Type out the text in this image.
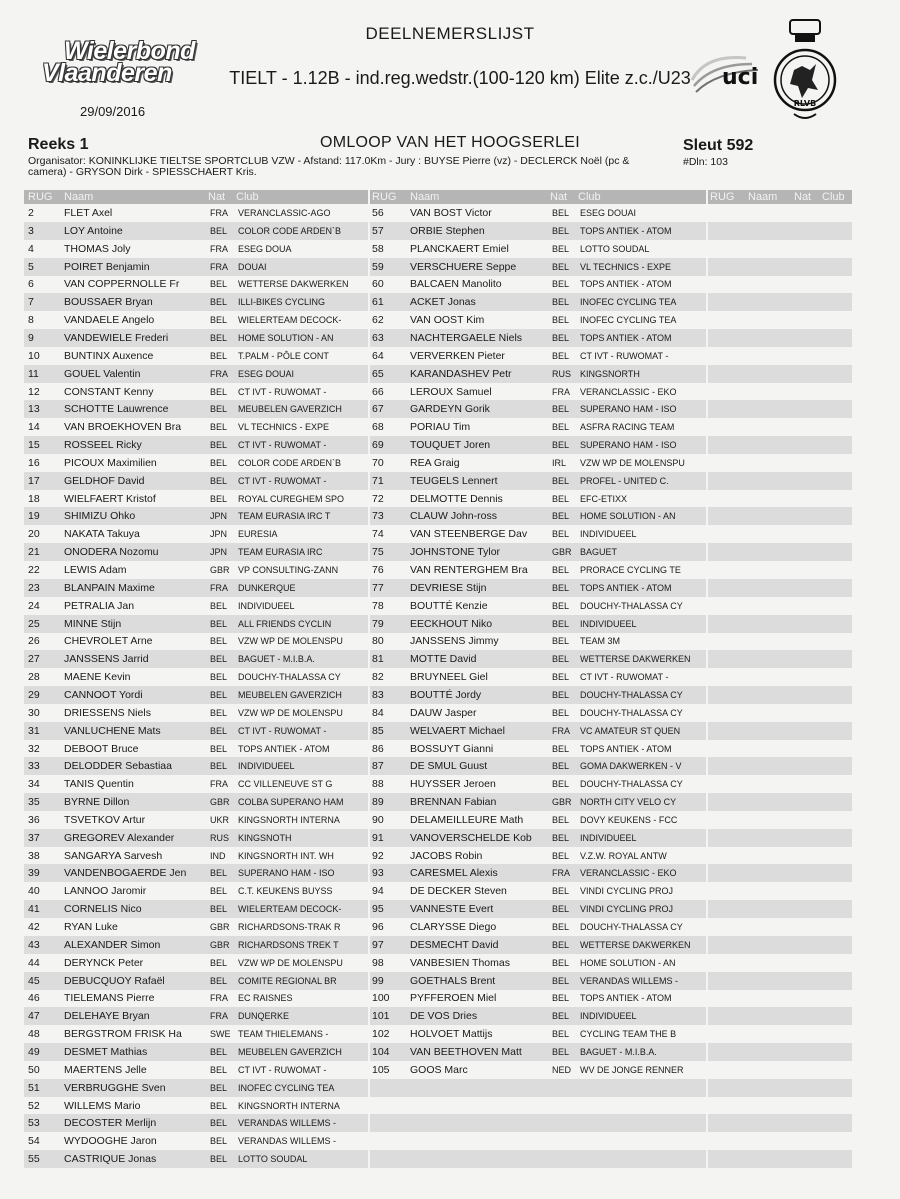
Wielerbond
Vlaanderen
29/09/2016
DEELNEMERSLIJST
TIELT - 1.12B - ind.reg.wedstr.(100-120 km) Elite z.c./U23	uci
RLVB
Reeks 1	OMLOOP VAN HET HOOGSERLEI	Sleut 592
Organisator: KONINKLIJKE TIELTSE SPORTCLUB VZW - Afstand: 117.0Km - Jury : BUYSE Pierre (vz) - DECLERCK Noël (pc & camera) - GRYSON Dirk - SPIESSCHAERT Kris.
#Dln: 103
RUG Naam	Nat Club	RUG Naam	Nat Club	RUG Naam Nat Club
2	FLET Axel	FRA VERANCLASSIC-AGO
3	LOY Antoine	BEL COLOR CODE ARDEN`B
4	THOMAS Joly	FRA ESEG DOUA
5	POIRET Benjamin	FRA DOUAI
6	VAN COPPERNOLLE Fr	BEL WETTERSE DAKWERKEN
7	BOUSSAER Bryan	BEL ILLI-BIKES CYCLING
8	VANDAELE Angelo	BEL WIELERTEAM DECOCK-
9	VANDEWIELE Frederi	BEL HOME SOLUTION - AN
10 BUNTINX Auxence	BEL T.PALM - PÔLE CONT
11 GOUEL Valentin	FRA ESEG DOUAI
12 CONSTANT Kenny	BEL CT IVT - RUWOMAT -
13 SCHOTTE Lauwrence	BEL MEUBELEN GAVERZICH
14 VAN BROEKHOVEN Bra	BEL VL TECHNICS - EXPE
15 ROSSEEL Ricky	BEL CT IVT - RUWOMAT -
16 PICOUX Maximilien	BEL COLOR CODE ARDEN`B
17 GELDHOF David	BEL CT IVT - RUWOMAT -
18 WIELFAERT Kristof	BEL ROYAL CUREGHEM SPO
19 SHIMIZU Ohko	JPN TEAM EURASIA IRC T
20 NAKATA Takuya	JPN EURESIA
21 ONODERA Nozomu	JPN TEAM EURASIA IRC
22 LEWIS Adam	GBR VP CONSULTING-ZANN
23 BLANPAIN Maxime	FRA DUNKERQUE
24 PETRALIA Jan	BEL INDIVIDUEEL
25 MINNE Stijn	BEL ALL FRIENDS CYCLIN
26 CHEVROLET Arne	BEL VZW WP DE MOLENSPU
27 JANSSENS Jarrid	BEL BAGUET - M.I.B.A.
28 MAENE Kevin	BEL DOUCHY-THALASSA CY
29 CANNOOT Yordi	BEL MEUBELEN GAVERZICH
30 DRIESSENS Niels	BEL VZW WP DE MOLENSPU
31 VANLUCHENE Mats	BEL CT IVT - RUWOMAT -
32 DEBOOT Bruce	BEL TOPS ANTIEK - ATOM
33 DELODDER Sebastiaa	BEL INDIVIDUEEL
34 TANIS Quentin	FRA CC VILLENEUVE ST G
35 BYRNE Dillon	GBR COLBA SUPERANO HAM
36 TSVETKOV Artur	UKR KINGSNORTH INTERNA
37 GREGOREV Alexander	RUS KINGSNOTH
38 SANGARYA Sarvesh	IND KINGSNORTH INT. WH
39 VANDENBOGAERDE Jen	BEL SUPERANO HAM - ISO
40 LANNOO Jaromir	BEL C.T. KEUKENS BUYSS
41 CORNELIS Nico	BEL WIELERTEAM DECOCK-
42 RYAN Luke	GBR RICHARDSONS-TRAK R
43 ALEXANDER Simon	GBR RICHARDSONS TREK T
44 DERYNCK Peter	BEL VZW WP DE MOLENSPU
45 DEBUCQUOY Rafaël	BEL COMITE REGIONAL BR
46 TIELEMANS Pierre	FRA EC RAISNES
47 DELEHAYE Bryan	FRA DUNQERKE
48 BERGSTROM FRISK Ha	SWE TEAM THIELEMANS -
49 DESMET Mathias	BEL MEUBELEN GAVERZICH
50 MAERTENS Jelle	BEL CT IVT - RUWOMAT -
51 VERBRUGGHE Sven	BEL INOFEC CYCLING TEA
52 WILLEMS Mario	BEL KINGSNORTH INTERNA
53 DECOSTER Merlijn	BEL VERANDAS WILLEMS -
54 WYDOOGHE Jaron	BEL VERANDAS WILLEMS -
55 CASTRIQUE Jonas	BEL LOTTO SOUDAL
56	VAN BOST Victor	BEL ESEG DOUAI
57	ORBIE Stephen	BEL TOPS ANTIEK - ATOM
58	PLANCKAERT Emiel	BEL LOTTO SOUDAL
59	VERSCHUERE Seppe	BEL VL TECHNICS - EXPE
60	BALCAEN Manolito	BEL TOPS ANTIEK - ATOM
61	ACKET Jonas	BEL INOFEC CYCLING TEA
62	VAN OOST Kim	BEL INOFEC CYCLING TEA
63	NACHTERGAELE Niels	BEL TOPS ANTIEK - ATOM
64	VERVERKEN Pieter	BEL CT IVT - RUWOMAT -
65	KARANDASHEV Petr	RUS KINGSNORTH
66	LEROUX Samuel	FRA VERANCLASSIC - EKO
67	GARDEYN Gorik	BEL SUPERANO HAM - ISO
68	PORIAU Tim	BEL ASFRA RACING TEAM
69	TOUQUET Joren	BEL SUPERANO HAM - ISO
70	REA Graig	IRL VZW WP DE MOLENSPU
71	TEUGELS Lennert	BEL PROFEL - UNITED C.
72	DELMOTTE Dennis	BEL EFC-ETIXX
73	CLAUW John-ross	BEL HOME SOLUTION - AN
74	VAN STEENBERGE Dav	BEL INDIVIDUEEL
75	JOHNSTONE Tylor	GBR BAGUET
76	VAN RENTERGHEM Bra	BEL PRORACE CYCLING TE
77	DEVRIESE Stijn	BEL TOPS ANTIEK - ATOM
78	BOUTTÉ Kenzie	BEL DOUCHY-THALASSA CY
79	EECKHOUT Niko	BEL INDIVIDUEEL
80	JANSSENS Jimmy	BEL TEAM 3M
81	MOTTE David	BEL WETTERSE DAKWERKEN
82	BRUYNEEL Giel	BEL CT IVT - RUWOMAT -
83	BOUTTÉ Jordy	BEL DOUCHY-THALASSA CY
84	DAUW Jasper	BEL DOUCHY-THALASSA CY
85	WELVAERT Michael	FRA VC AMATEUR ST QUEN
86	BOSSUYT Gianni	BEL TOPS ANTIEK - ATOM
87	DE SMUL Guust	BEL GOMA DAKWERKEN - V
88	HUYSSER Jeroen	BEL DOUCHY-THALASSA CY
89	BRENNAN Fabian	GBR NORTH CITY VELO CY
90	DELAMEILLEURE Math	BEL DOVY KEUKENS - FCC
91	VANOVERSCHELDE Kob BEL INDIVIDUEEL
92	JACOBS Robin	BEL V.Z.W. ROYAL ANTW
93	CARESMEL Alexis	FRA VERANCLASSIC - EKO
94	DE DECKER Steven	BEL VINDI CYCLING PROJ
95	VANNESTE Evert	BEL VINDI CYCLING PROJ
96	CLARYSSE Diego	BEL DOUCHY-THALASSA CY
97	DESMECHT David	BEL WETTERSE DAKWERKEN
98	VANBESIEN Thomas	BEL HOME SOLUTION - AN
99	GOETHALS Brent	BEL VERANDAS WILLEMS -
100 PYFFEROEN Miel	BEL TOPS ANTIEK - ATOM
101 DE VOS Dries	BEL INDIVIDUEEL
102 HOLVOET Mattijs	BEL CYCLING TEAM THE B
104 VAN BEETHOVEN Matt	BEL BAGUET - M.I.B.A.
105 GOOS Marc	NED WV DE JONGE RENNER
